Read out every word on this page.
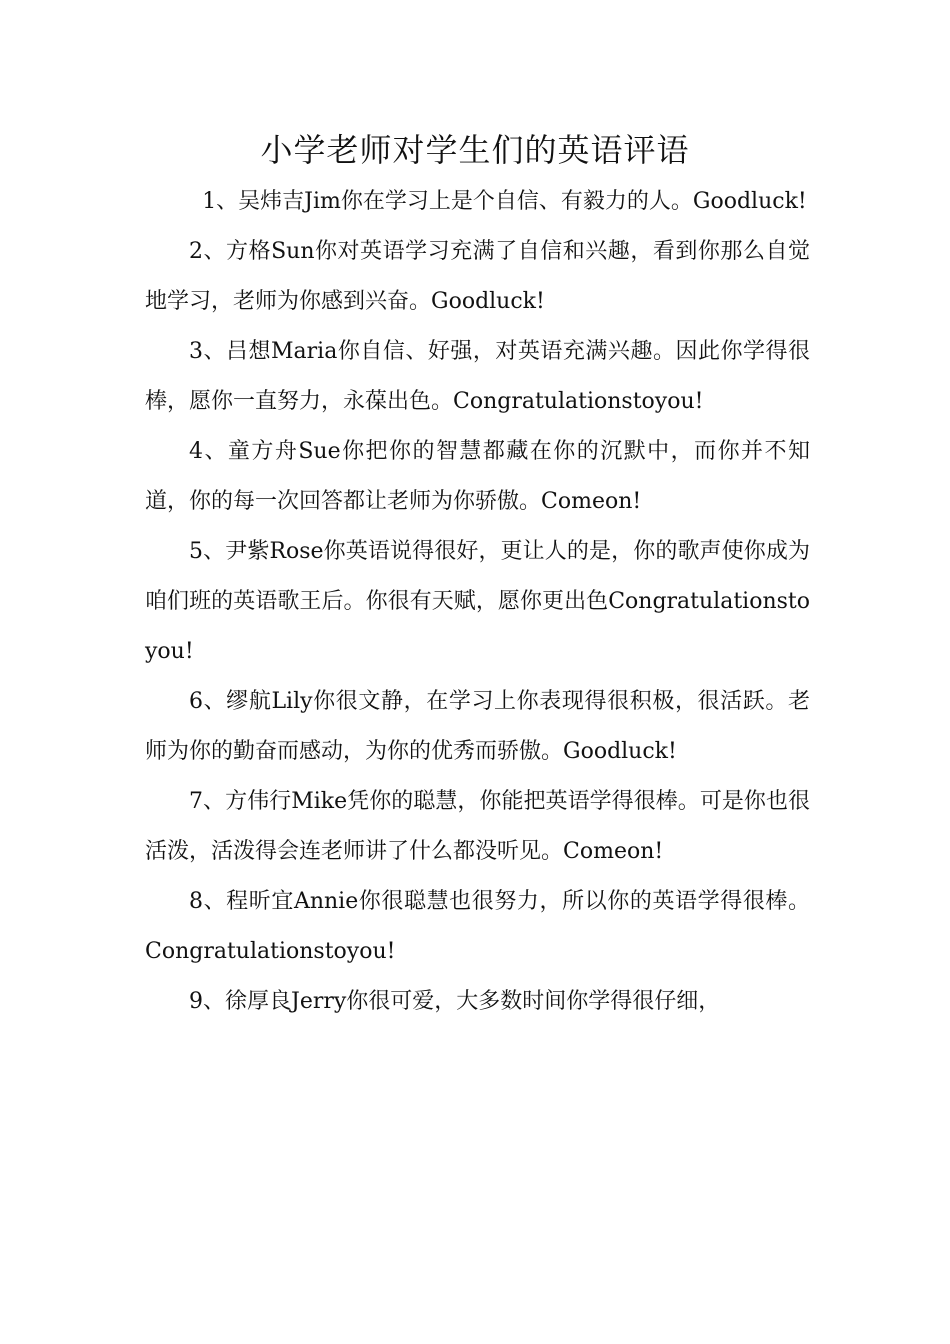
小学老师对学生们的英语评语

1、吴炜吉Jim你在学习上是个自信、有毅力的人。Goodluck!

2、方格Sun你对英语学习充满了自信和兴趣，看到你那么自觉地学习，老师为你感到兴奋。Goodluck!

3、吕想Maria你自信、好强，对英语充满兴趣。因此你学得很棒，愿你一直努力，永葆出色。Congratulationstoyou!

4、童方舟Sue你把你的智慧都藏在你的沉默中，而你并不知道，你的每一次回答都让老师为你骄傲。Comeon!

5、尹紫Rose你英语说得很好，更让人的是，你的歌声使你成为咱们班的英语歌王后。你很有天赋，愿你更出色Congratulationstoyou!

6、缪航Lily你很文静，在学习上你表现得很积极，很活跃。老师为你的勤奋而感动，为你的优秀而骄傲。Goodluck!

7、方伟行Mike凭你的聪慧，你能把英语学得很棒。可是你也很活泼，活泼得会连老师讲了什么都没听见。Comeon!

8、程昕宜Annie你很聪慧也很努力，所以你的英语学得很棒。Congratulationstoyou!

9、徐厚良Jerry你很可爱，大多数时间你学得很仔细，
